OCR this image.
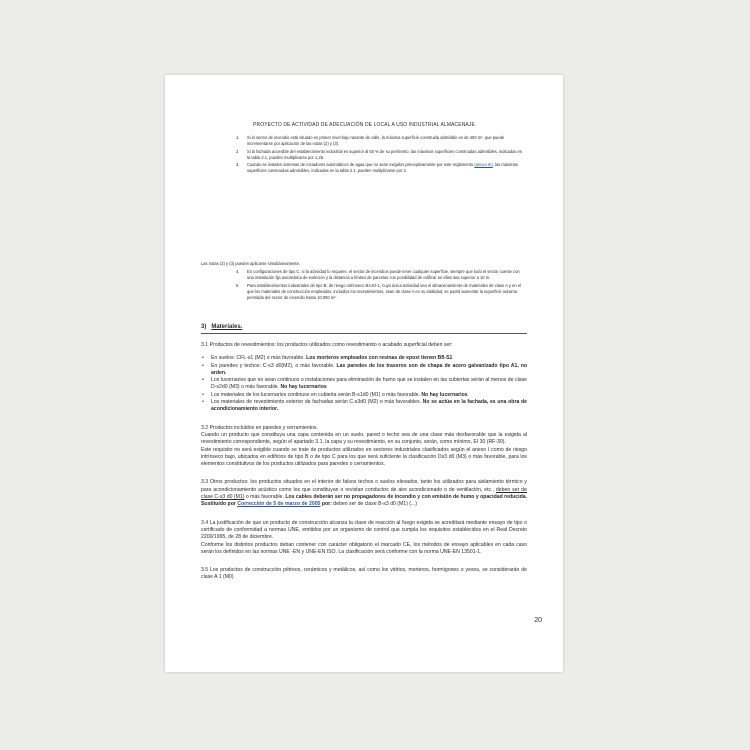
PROYECTO DE ACTIVIDAD DE ADECUACIÓN DE LOCAL A USO INDUSTRIAL ALMACENAJE
1. Si el sector de incendio está situado en primer nivel bajo rasante de calle, la máxima superficie construida admisible es de 400 m², que puede incrementarse por aplicación de las notas (2) y (3).
2. Si la fachada accesible del establecimiento industrial es superior al 50 % de su perímetro, las máximas superficies construidas admisibles, indicadas en la tabla 2.1, pueden multiplicarse por 1,25.
3. Cuando se instalen sistemas de rociadores automáticos de agua que no sean exigidos preceptivamente por este reglamento (anexo III), las máximas superficies construidas admisibles, indicadas en la tabla 2.1, pueden multiplicarse por 2.
Las notas (2) y (3) pueden aplicarse simultáneamente.
4. En configuraciones de tipo C, si la actividad lo requiere, el sector de incendios puede tener cualquier superficie, siempre que todo el sector cuente con una instalación fija automática de extinción y la distancia a límites de parcelas con posibilidad de edificar en ellas sea superior a 10 m.
5. Para establecimientos industriales de tipo B, de riesgo intrínseco BAJO-1, cuya única actividad sea el almacenamiento de materiales de clase A y en el que los materiales de construcción empleados, incluidos los revestimientos, sean de clase A en su totalidad, se podrá aumentar la superficie máxima permitida del sector de incendio hasta 10.000 m².
3) Materiales.

3.1 Productos de revestimientos: los productos utilizados como revestimiento o acabado superficial deben ser:

• En suelos: CFL-s1 (M2) o más favorable. Los morteros empleados con resinas de epoxi tienen Bfl-S1
• En paredes y techos: C-s3 d0(M2), o más favorable. Las paredes de los traseros son de chapa de acero galvanizado tipo A1, no arden.
• Los lucernarios que no sean continuos o instalaciones para eliminación de humo que se instalen en las cubiertas serán al menos de clase D-s2d0 (M3) o más favorable. No hay lucernarios
• Los materiales de los lucernarios continuos en cubierta serán B-s1d0 (M1) o más favorable. No hay lucernarios
• Los materiales de revestimiento exterior de fachadas serán C-s3d0 (M2) o más favorables. No se actúa en la fachada, es una obra de acondicionamiento interior.

3.2 Productos incluidos en paredes y cerramientos.

Cuando un producto que constituya una capa contenida en un suelo, pared o techo sea de una clase más desfavorable que la exigida al revestimiento correspondiente, según el apartado 3.1, la capa y su revestimiento, en su conjunto, serán, como mínimo, EI 30 (RF-30).

Este requisito no será exigible cuando se trate de productos utilizados en sectores industriales clasificados según el anexo I como de riesgo intrínseco bajo, ubicados en edificios de tipo B o de tipo C para los que será suficiente la clasificación Ds3 d0 (M3) o más favorable, para los elementos constitutivos de los productos utilizados para paredes o cerramientos.

3.3 Otros productos: los productos situados en el interior de falsos techos o suelos elevados, tanto los utilizados para aislamiento térmico y para acondicionamiento acústico como los que constituyan o revistan conductos de aire acondicionado o de ventilación, etc., deben ser de clase C-s3 d0 (M1) o más favorable. Los cables deberán ser no propagadores de incendio y con emisión de humo y opacidad reducida. Sustituido por Corrección de 5 de marzo de 2005 por: deben ser de clase B-s3 d0 (M1) (...)

3.4 La justificación de que un producto de construcción alcanza la clase de reacción al fuego exigida se acreditará mediante ensayo de tipo o certificado de conformidad a normas UNE, emitidos por un organismo de control que cumpla los requisitos establecidos en el Real Decreto 2200/1995, de 28 de diciembre.

Conforme los distintos productos deban contener con carácter obligatorio el marcado CE, los métodos de ensayo aplicables en cada caso serán los definidos en las normas UNE -EN y UNE-EN ISO. La clasificación será conforme con la norma UNE-EN 13501-1.

3.5 Los productos de construcción pétreos, cerámicos y metálicos, así como los vidrios, morteros, hormigones o yesos, se considerarán de clase A 1 (M0)

20
